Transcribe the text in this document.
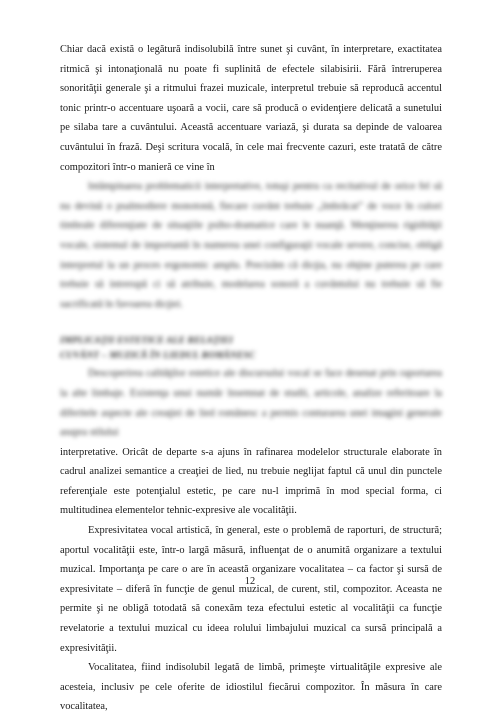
Chiar dacă există o legătură indisolubilă între sunet şi cuvânt, în interpretare, exactitatea ritmică şi intonaţională nu poate fi suplinită de efectele silabisirii. Fără întreruperea sonorităţii generale şi a ritmului frazei muzicale, interpretul trebuie să reproducă accentul tonic printr-o accentuare uşoară a vocii, care să producă o evidenţiere delicată a sunetului pe silaba tare a cuvântului. Această accentuare variază, şi durata sa depinde de valoarea cuvântului în frază. Deşi scritura vocală, în cele mai frecvente cazuri, este tratată de către compozitori într-o manieră ce vine în

întâmpinarea problematicii interpretative, totuşi pentru ca recitativul de orice fel să nu devină o psalmodiere monotonă, fiecare cuvânt trebuie „îmbrăcat” de voce în culori timbrale diferenţiate de situaţiile psiho-dramatice care le nuanţă. Menţinerea rigidităţii vocale, sistemul de importantă în numerea unei configuraţii vocale severe, concise, obligă interpretul la un proces ergonomic amplu. Precizăm că dicţia, nu obţine puterea pe care trebuie să intrerupă ci să atribuie, modelarea sonoră a cuvântului nu trebuie să fie sacrificată în favoarea dicţiei.

IMPLICAŢII ESTETICE ALE RELAŢIEI
CUVÂNT – MUZICĂ ÎN LIEDUL ROMÂNESC

Descoperirea calităţilor estetice ale discursului vocal se face desenat prin raportarea la alte limbaje. Existenţa unui număr însemnat de studii, articole, analize referitoare la diferitele aspecte ale creaţiei de lied românesc a permis conturarea unei imagini generale asupra stilului

interpretative. Oricât de departe s-a ajuns în rafinarea modelelor structurale elaborate în cadrul analizei semantice a creaţiei de lied, nu trebuie neglijat faptul că unul din punctele referenţiale este potenţialul estetic, pe care nu-l imprimă în mod special forma, ci multitudinea elementelor tehnic-expresive ale vocalităţii.

Expresivitatea vocal artistică, în general, este o problemă de raporturi, de structură; aportul vocalităţii este, într-o largă măsură, influenţat de o anumită organizare a textului muzical. Importanţa pe care o are în această organizare vocalitatea – ca factor şi sursă de expresivitate – diferă în funcţie de genul muzical, de curent, stil, compozitor. Aceasta ne permite şi ne obligă totodată să conexăm teza efectului estetic al vocalităţii ca funcţie revelatorie a textului muzical cu ideea rolului limbajului muzical ca sursă principală a expresivităţii.

Vocalitatea, fiind indisolubil legată de limbă, primeşte virtualităţile expresive ale acesteia, inclusiv pe cele oferite de idiostilul fiecărui compozitor. În măsura în care vocalitatea,

12
